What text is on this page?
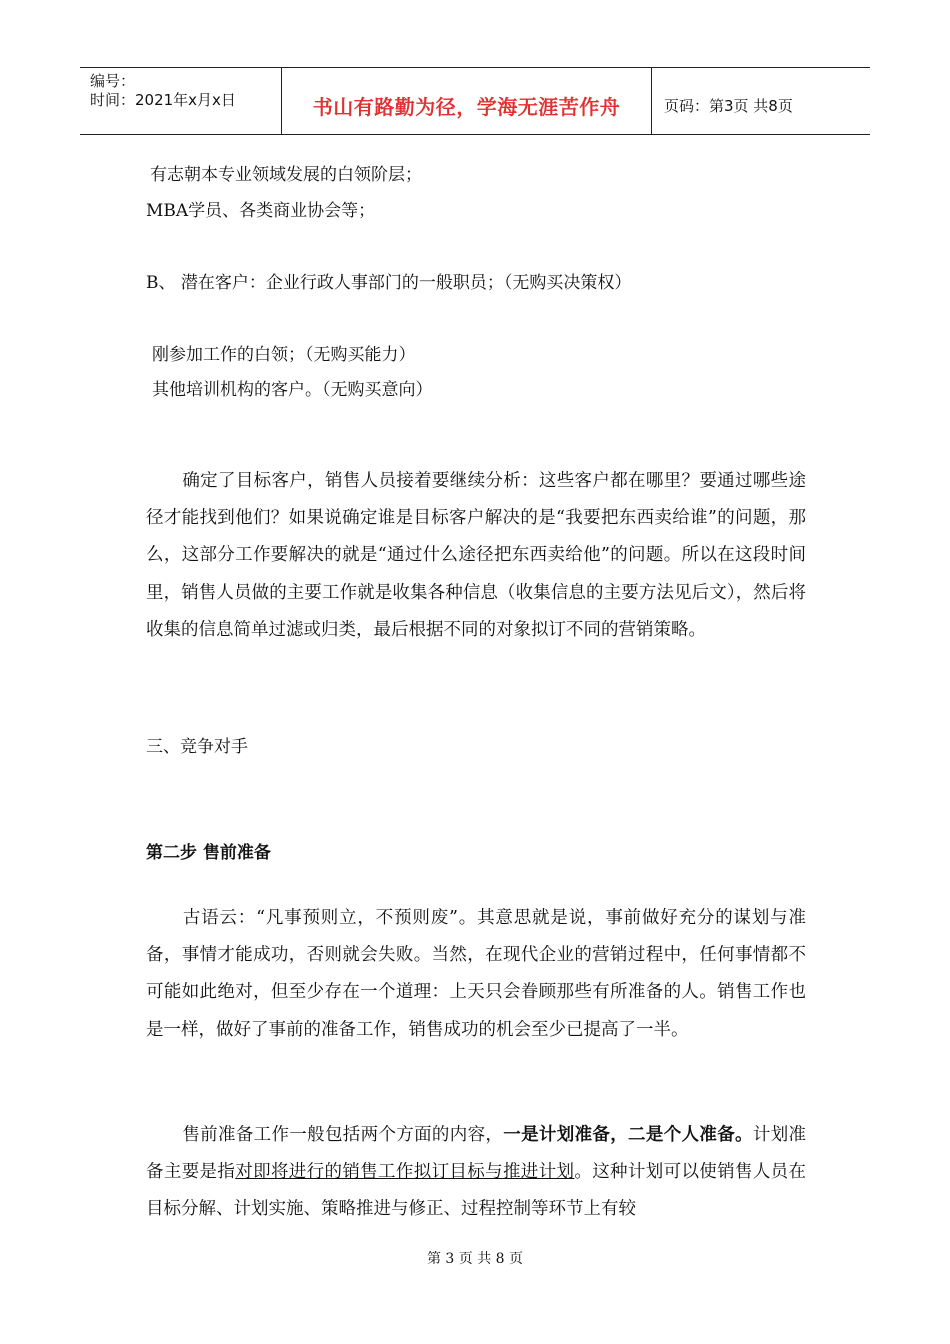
编号：
时间：2021年x月x日	书山有路勤为径，学海无涯苦作舟	页码：第3页 共8页
有志朝本专业领域发展的白领阶层；
MBA学员、各类商业协会等；
B、 潜在客户：企业行政人事部门的一般职员；（无购买决策权）
刚参加工作的白领；（无购买能力）
其他培训机构的客户。（无购买意向）
确定了目标客户，销售人员接着要继续分析：这些客户都在哪里？要通过哪些途径才能找到他们？如果说确定谁是目标客户解决的是“我要把东西卖给谁”的问题，那么，这部分工作要解决的就是“通过什么途径把东西卖给他”的问题。所以在这段时间里，销售人员做的主要工作就是收集各种信息（收集信息的主要方法见后文），然后将收集的信息简单过滤或归类，最后根据不同的对象拟订不同的营销策略。
三、竞争对手
第二步 售前准备
古语云：“凡事预则立，不预则废”。其意思就是说，事前做好充分的谋划与准备，事情才能成功，否则就会失败。当然，在现代企业的营销过程中，任何事情都不可能如此绝对，但至少存在一个道理：上天只会眷顾那些有所准备的人。销售工作也是一样，做好了事前的准备工作，销售成功的机会至少已提高了一半。
售前准备工作一般包括两个方面的内容，一是计划准备，二是个人准备。计划准备主要是指对即将进行的销售工作拟订目标与推进计划。这种计划可以使销售人员在目标分解、计划实施、策略推进与修正、过程控制等环节上有较
第 3 页 共 8 页
